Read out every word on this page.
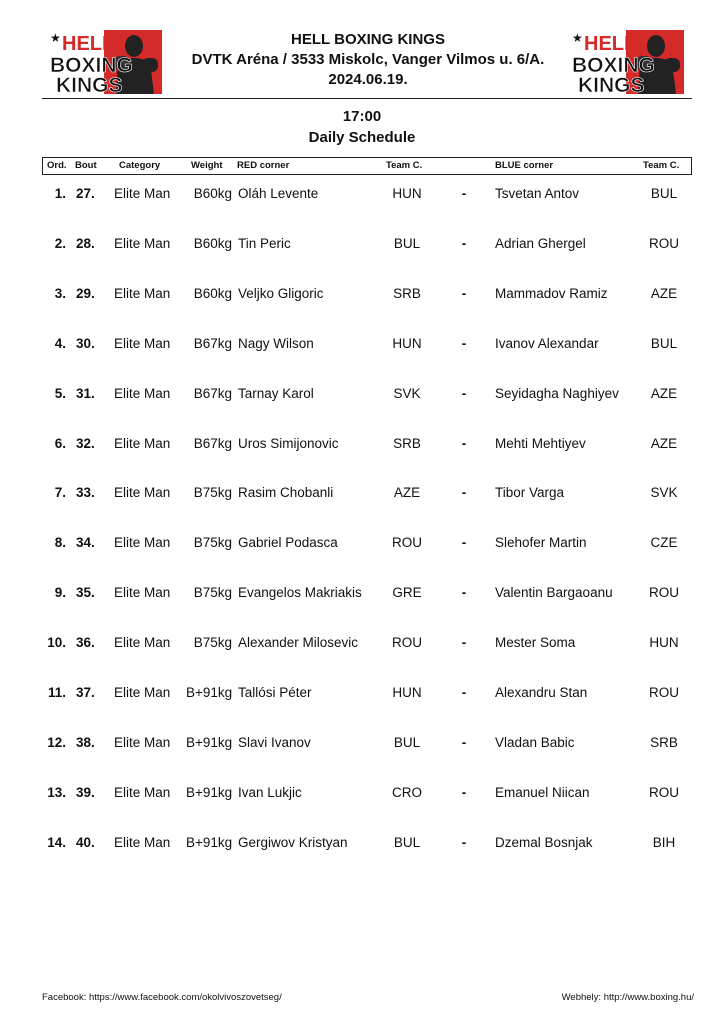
★ HELL
BOXING
KINGS
HELL BOXING KINGS
DVTK Aréna / 3533 Miskolc, Vanger Vilmos u. 6/A.
2024.06.19.
★ HELL
BOXING
KINGS
17:00
Daily Schedule
Ord. Bout Category	Weight RED corner	Team C.	BLUE corner	Team C.
1. 27. Elite Man	B60kg Oláh Levente	HUN	- Tsvetan Antov	BUL
2. 28. Elite Man	B60kg Tin Peric	BUL	- Adrian Ghergel	ROU
3. 29. Elite Man	B60kg Veljko Gligoric	SRB	- Mammadov Ramiz	AZE
4. 30. Elite Man	B67kg Nagy Wilson	HUN	- Ivanov Alexandar	BUL
5. 31. Elite Man	B67kg Tarnay Karol	SVK	- Seyidagha Naghiyev	AZE
6. 32. Elite Man	B67kg Uros Simijonovic	SRB	- Mehti Mehtiyev	AZE
7. 33. Elite Man	B75kg Rasim Chobanli	AZE	- Tibor Varga	SVK
8. 34. Elite Man	B75kg Gabriel Podasca	ROU	- Slehofer Martin	CZE
9. 35. Elite Man	B75kg Evangelos Makriakis	GRE	- Valentin Bargaoanu	ROU
10. 36. Elite Man	B75kg Alexander Milosevic	ROU	- Mester Soma	HUN
11. 37. Elite Man B+91kg Tallósi Péter	HUN	- Alexandru Stan	ROU
12. 38. Elite Man B+91kg Slavi Ivanov	BUL	- Vladan Babic	SRB
13. 39. Elite Man B+91kg Ivan Lukjic	CRO	- Emanuel Niican	ROU
14. 40. Elite Man B+91kg Gergiwov Kristyan	BUL	- Dzemal Bosnjak	BIH
Facebook: https://www.facebook.com/okolvivoszovetseg/	Webhely: http://www.boxing.hu/
